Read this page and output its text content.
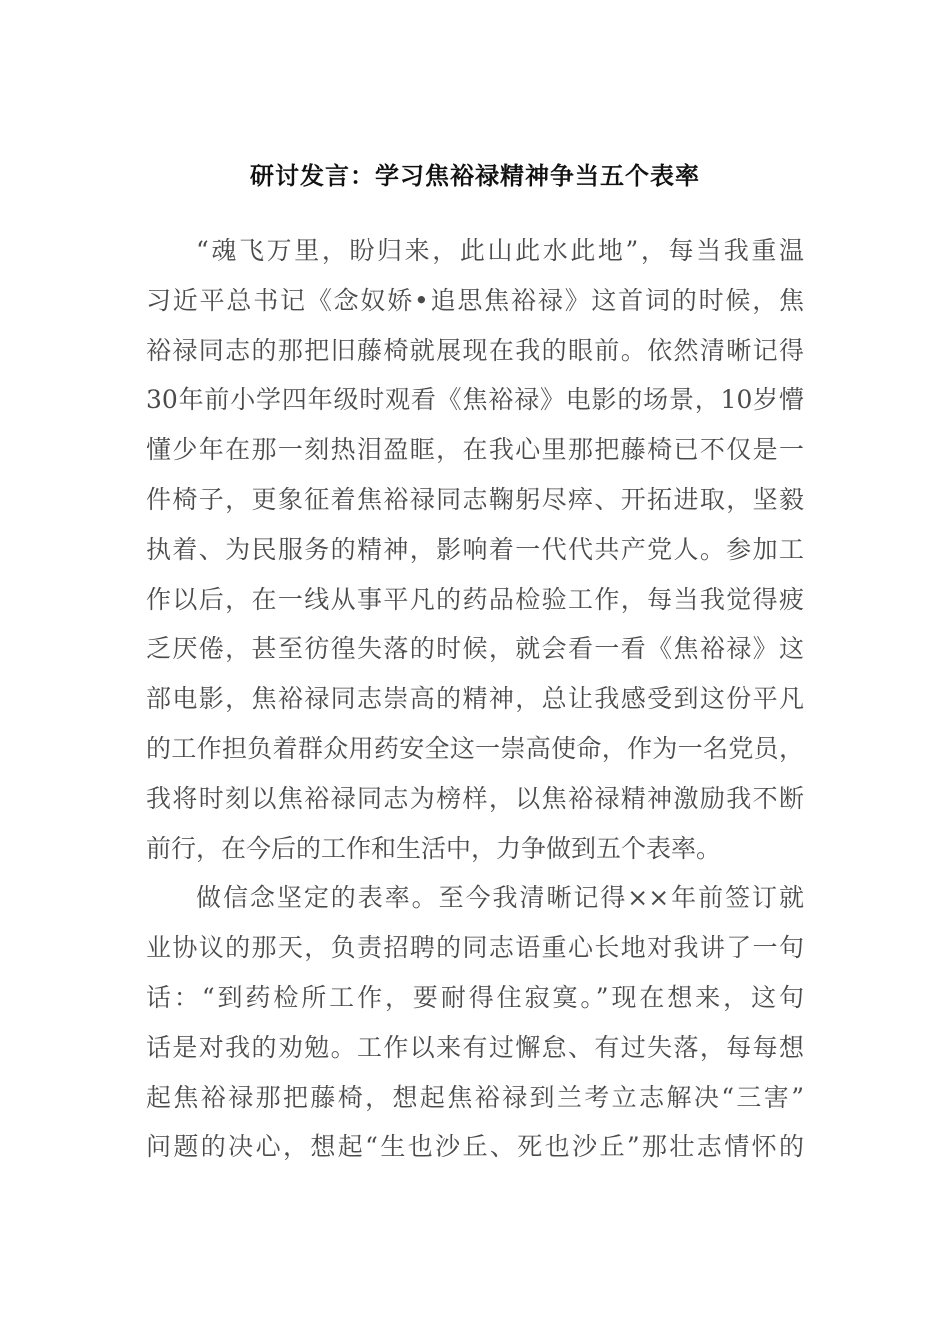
研讨发言：学习焦裕禄精神争当五个表率
“魂飞万里，盼归来，此山此水此地”，每当我重温
习近平总书记《念奴娇•追思焦裕禄》这首词的时候，焦
裕禄同志的那把旧藤椅就展现在我的眼前。依然清晰记得
30年前小学四年级时观看《焦裕禄》电影的场景，10岁懵
懂少年在那一刻热泪盈眶，在我心里那把藤椅已不仅是一
件椅子，更象征着焦裕禄同志鞠躬尽瘁、开拓进取，坚毅
执着、为民服务的精神，影响着一代代共产党人。参加工
作以后，在一线从事平凡的药品检验工作，每当我觉得疲
乏厌倦，甚至彷徨失落的时候，就会看一看《焦裕禄》这
部电影，焦裕禄同志崇高的精神，总让我感受到这份平凡
的工作担负着群众用药安全这一崇高使命，作为一名党员，
我将时刻以焦裕禄同志为榜样，以焦裕禄精神激励我不断
前行，在今后的工作和生活中，力争做到五个表率。
做信念坚定的表率。至今我清晰记得××年前签订就
业协议的那天，负责招聘的同志语重心长地对我讲了一句
话：“到药检所工作，要耐得住寂寞。”现在想来，这句
话是对我的劝勉。工作以来有过懈怠、有过失落，每每想
起焦裕禄那把藤椅，想起焦裕禄到兰考立志解决“三害”
问题的决心，想起“生也沙丘、死也沙丘”那壮志情怀的
